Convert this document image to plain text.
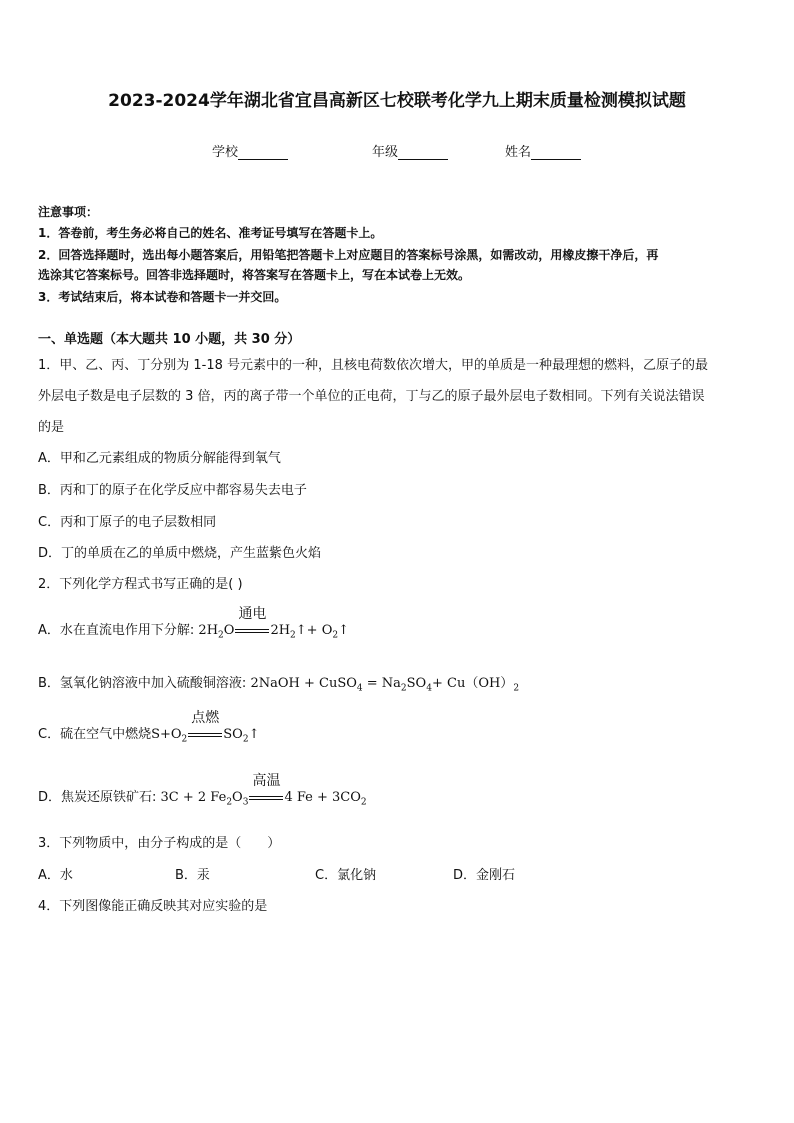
2023-2024学年湖北省宜昌高新区七校联考化学九上期末质量检测模拟试题
学校	年级	姓名
注意事项：
1．答卷前，考生务必将自己的姓名、准考证号填写在答题卡上。
2．回答选择题时，选出每小题答案后，用铅笔把答题卡上对应题目的答案标号涂黑，如需改动，用橡皮擦干净后，再
选涂其它答案标号。回答非选择题时，将答案写在答题卡上，写在本试卷上无效。
3．考试结束后，将本试卷和答题卡一并交回。
一、单选题（本大题共 10 小题，共 30 分）
1．甲、乙、丙、丁分别为 1-18 号元素中的一种，且核电荷数依次增大，甲的单质是一种最理想的燃料，乙原子的最
外层电子数是电子层数的 3 倍，丙的离子带一个单位的正电荷，丁与乙的原子最外层电子数相同。下列有关说法错误
的是
A．甲和乙元素组成的物质分解能得到氧气
B．丙和丁的原子在化学反应中都容易失去电子
C．丙和丁原子的电子层数相同
D．丁的单质在乙的单质中燃烧，产生蓝紫色火焰
2．下列化学方程式书写正确的是( )
A．水在直流电作用下分解: $2H_2O$
通电
$2H_2↑+$ $O_2↑$
B．氢氧化钠溶液中加入硫酸铜溶液: 2NaOH + CuSO$_4$ = $Na_2SO_4+ Cu(OH)_2$
C．硫在空气中燃烧$S+O_2$
点燃
$SO_2↑$
D．焦炭还原铁矿石: 3C + 2 $Fe_2O_3$
高温
4 $Fe + 3CO_2$
3．下列物质中，由分子构成的是（　　）
A．水	B．汞	C．氯化钠	D．金刚石
4．下列图像能正确反映其对应实验的是
